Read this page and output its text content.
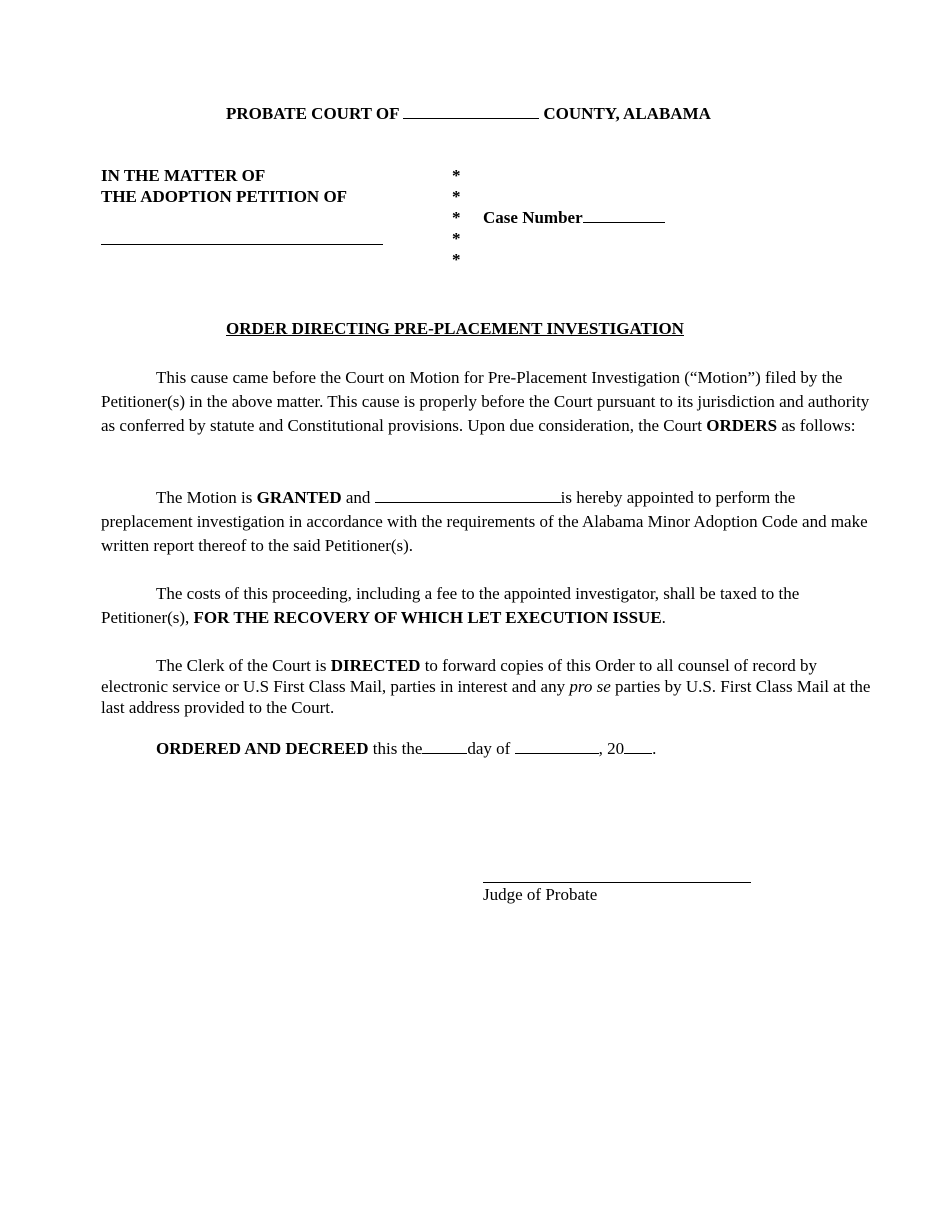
PROBATE COURT OF	COUNTY, ALABAMA
IN THE MATTER OF
THE ADOPTION PETITION OF
*
*
*
*
*
Case Number
ORDER DIRECTING PRE-PLACEMENT INVESTIGATION

This cause came before the Court on Motion for Pre-Placement Investigation (“Motion”) filed by the Petitioner(s) in the above matter. This cause is properly before the Court pursuant to its jurisdiction and authority as conferred by statute and Constitutional provisions. Upon due consideration, the Court ORDERS as follows:

The Motion is GRANTED and	is hereby appointed to perform the preplacement investigation in accordance with the requirements of the Alabama Minor Adoption Code and make written report thereof to the said Petitioner(s).

The costs of this proceeding, including a fee to the appointed investigator, shall be taxed to the Petitioner(s), FOR THE RECOVERY OF WHICH LET EXECUTION ISSUE.

The Clerk of the Court is DIRECTED to forward copies of this Order to all counsel of record by electronic service or U.S First Class Mail, parties in interest and any pro se parties by U.S. First Class Mail at the last address provided to the Court.

ORDERED AND DECREED this the	day of	, 20 .
Judge of Probate
